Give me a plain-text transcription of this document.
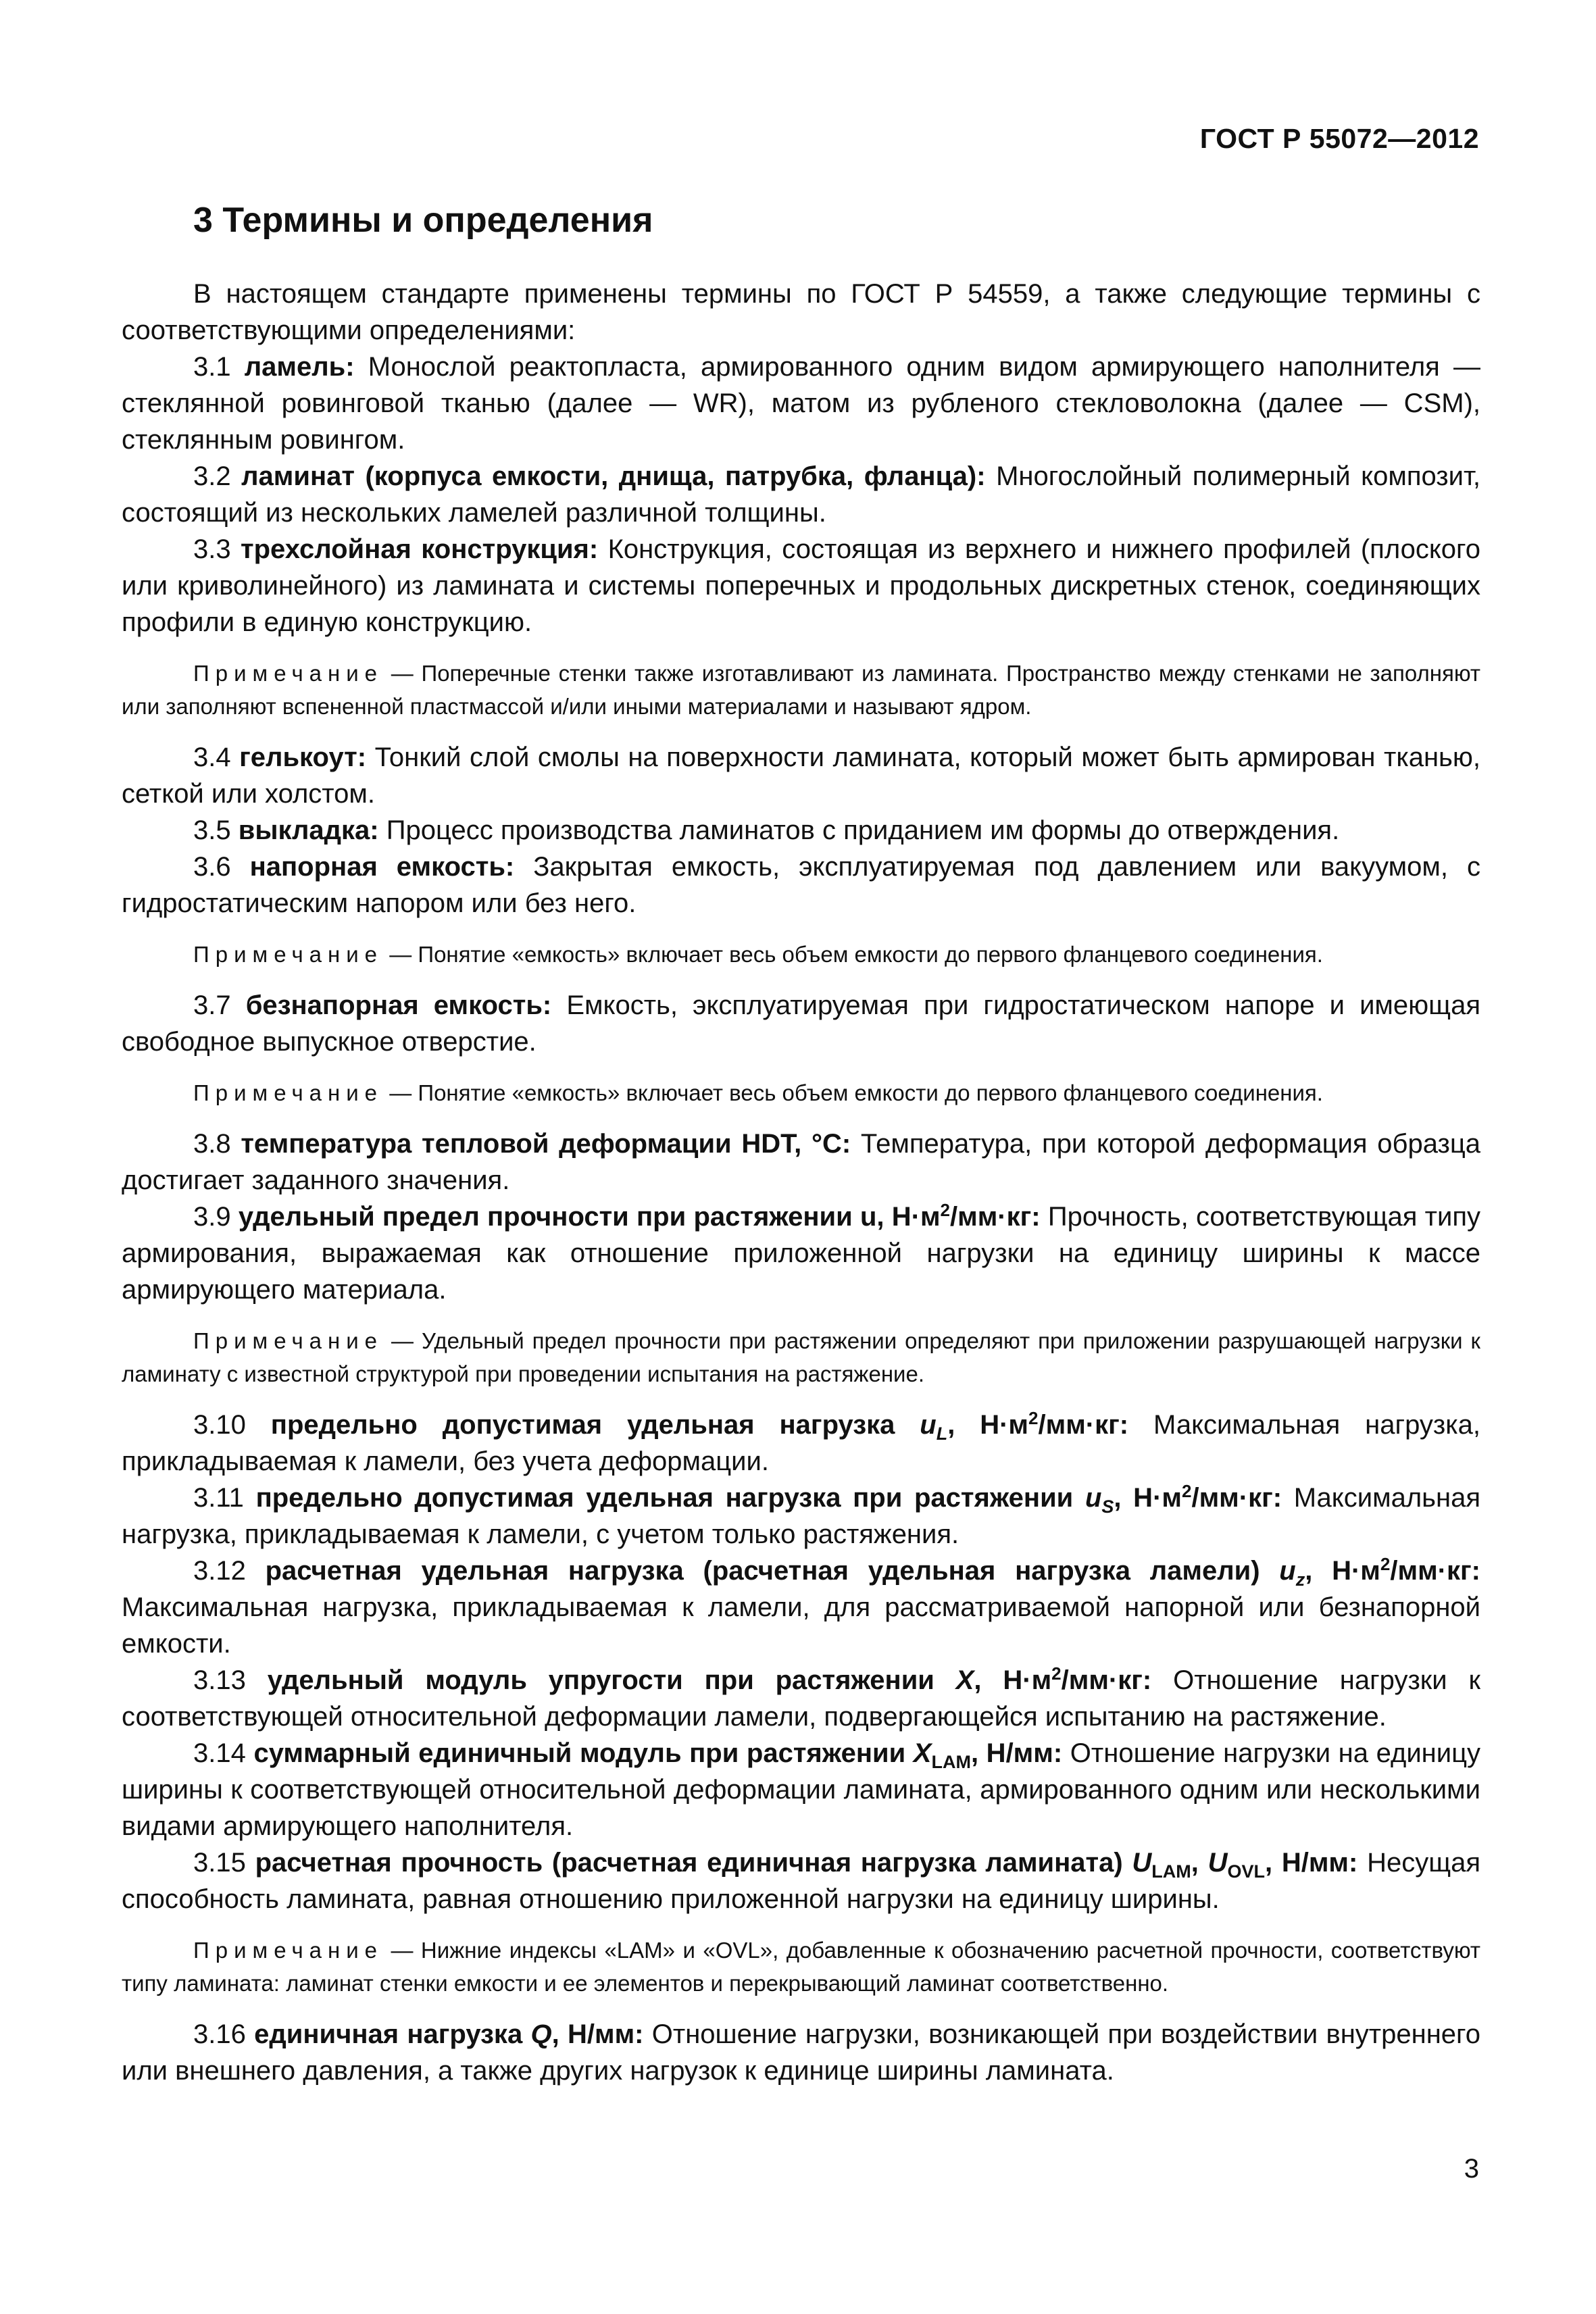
ГОСТ Р 55072—2012
3 Термины и определения

В настоящем стандарте применены термины по ГОСТ Р 54559, а также следующие термины с соответствующими определениями:

3.1 ламель: Монослой реактопласта, армированного одним видом армирующего наполнителя — стеклянной ровинговой тканью (далее — WR), матом из рубленого стекловолокна (далее — CSM), стеклянным ровингом.

3.2 ламинат (корпуса емкости, днища, патрубка, фланца): Многослойный полимерный композит, состоящий из нескольких ламелей различной толщины.

3.3 трехслойная конструкция: Конструкция, состоящая из верхнего и нижнего профилей (плоского или криволинейного) из ламината и системы поперечных и продольных дискретных стенок, соединяющих профили в единую конструкцию.

Примечание — Поперечные стенки также изготавливают из ламината. Пространство между стенками не заполняют или заполняют вспененной пластмассой и/или иными материалами и называют ядром.

3.4 гелькоут: Тонкий слой смолы на поверхности ламината, который может быть армирован тканью, сеткой или холстом.

3.5 выкладка: Процесс производства ламинатов с приданием им формы до отверждения.

3.6 напорная емкость: Закрытая емкость, эксплуатируемая под давлением или вакуумом, с гидростатическим напором или без него.

Примечание — Понятие «емкость» включает весь объем емкости до первого фланцевого соединения.

3.7 безнапорная емкость: Емкость, эксплуатируемая при гидростатическом напоре и имеющая свободное выпускное отверстие.

Примечание — Понятие «емкость» включает весь объем емкости до первого фланцевого соединения.

3.8 температура тепловой деформации HDT, °C: Температура, при которой деформация образца достигает заданного значения.

3.9 удельный предел прочности при растяжении u, $Н\cdot м^2/мм\cdot кг$: Прочность, соответствующая типу армирования, выражаемая как отношение приложенной нагрузки на единицу ширины к массе армирующего материала.

Примечание — Удельный предел прочности при растяжении определяют при приложении разрушающей нагрузки к ламинату с известной структурой при проведении испытания на растяжение.

3.10 предельно допустимая удельная нагрузка $u_L$, $Н\cdot м^2/мм\cdot кг$: Максимальная нагрузка, прикладываемая к ламели, без учета деформации.

3.11 предельно допустимая удельная нагрузка при растяжении $u_S$, $Н\cdot м^2/мм\cdot кг$: Максимальная нагрузка, прикладываемая к ламели, с учетом только растяжения.

3.12 расчетная удельная нагрузка (расчетная удельная нагрузка ламели) $u_z$, $Н\cdot м^2/мм\cdot кг$: Максимальная нагрузка, прикладываемая к ламели, для рассматриваемой напорной или безнапорной емкости.

3.13 удельный модуль упругости при растяжении X, $Н\cdot м^2/мм\cdot кг$: Отношение нагрузки к соответствующей относительной деформации ламели, подвергающейся испытанию на растяжение.

3.14 суммарный единичный модуль при растяжении $X_{LAM}$, Н/мм: Отношение нагрузки на единицу ширины к соответствующей относительной деформации ламината, армированного одним или несколькими видами армирующего наполнителя.

3.15 расчетная прочность (расчетная единичная нагрузка ламината) $U_{LAM}$, $U_{OVL}$, Н/мм: Несущая способность ламината, равная отношению приложенной нагрузки на единицу ширины.

Примечание — Нижние индексы «LAM» и «OVL», добавленные к обозначению расчетной прочности, соответствуют типу ламината: ламинат стенки емкости и ее элементов и перекрывающий ламинат соответственно.

3.16 единичная нагрузка Q, Н/мм: Отношение нагрузки, возникающей при воздействии внутреннего или внешнего давления, а также других нагрузок к единице ширины ламината.

3
